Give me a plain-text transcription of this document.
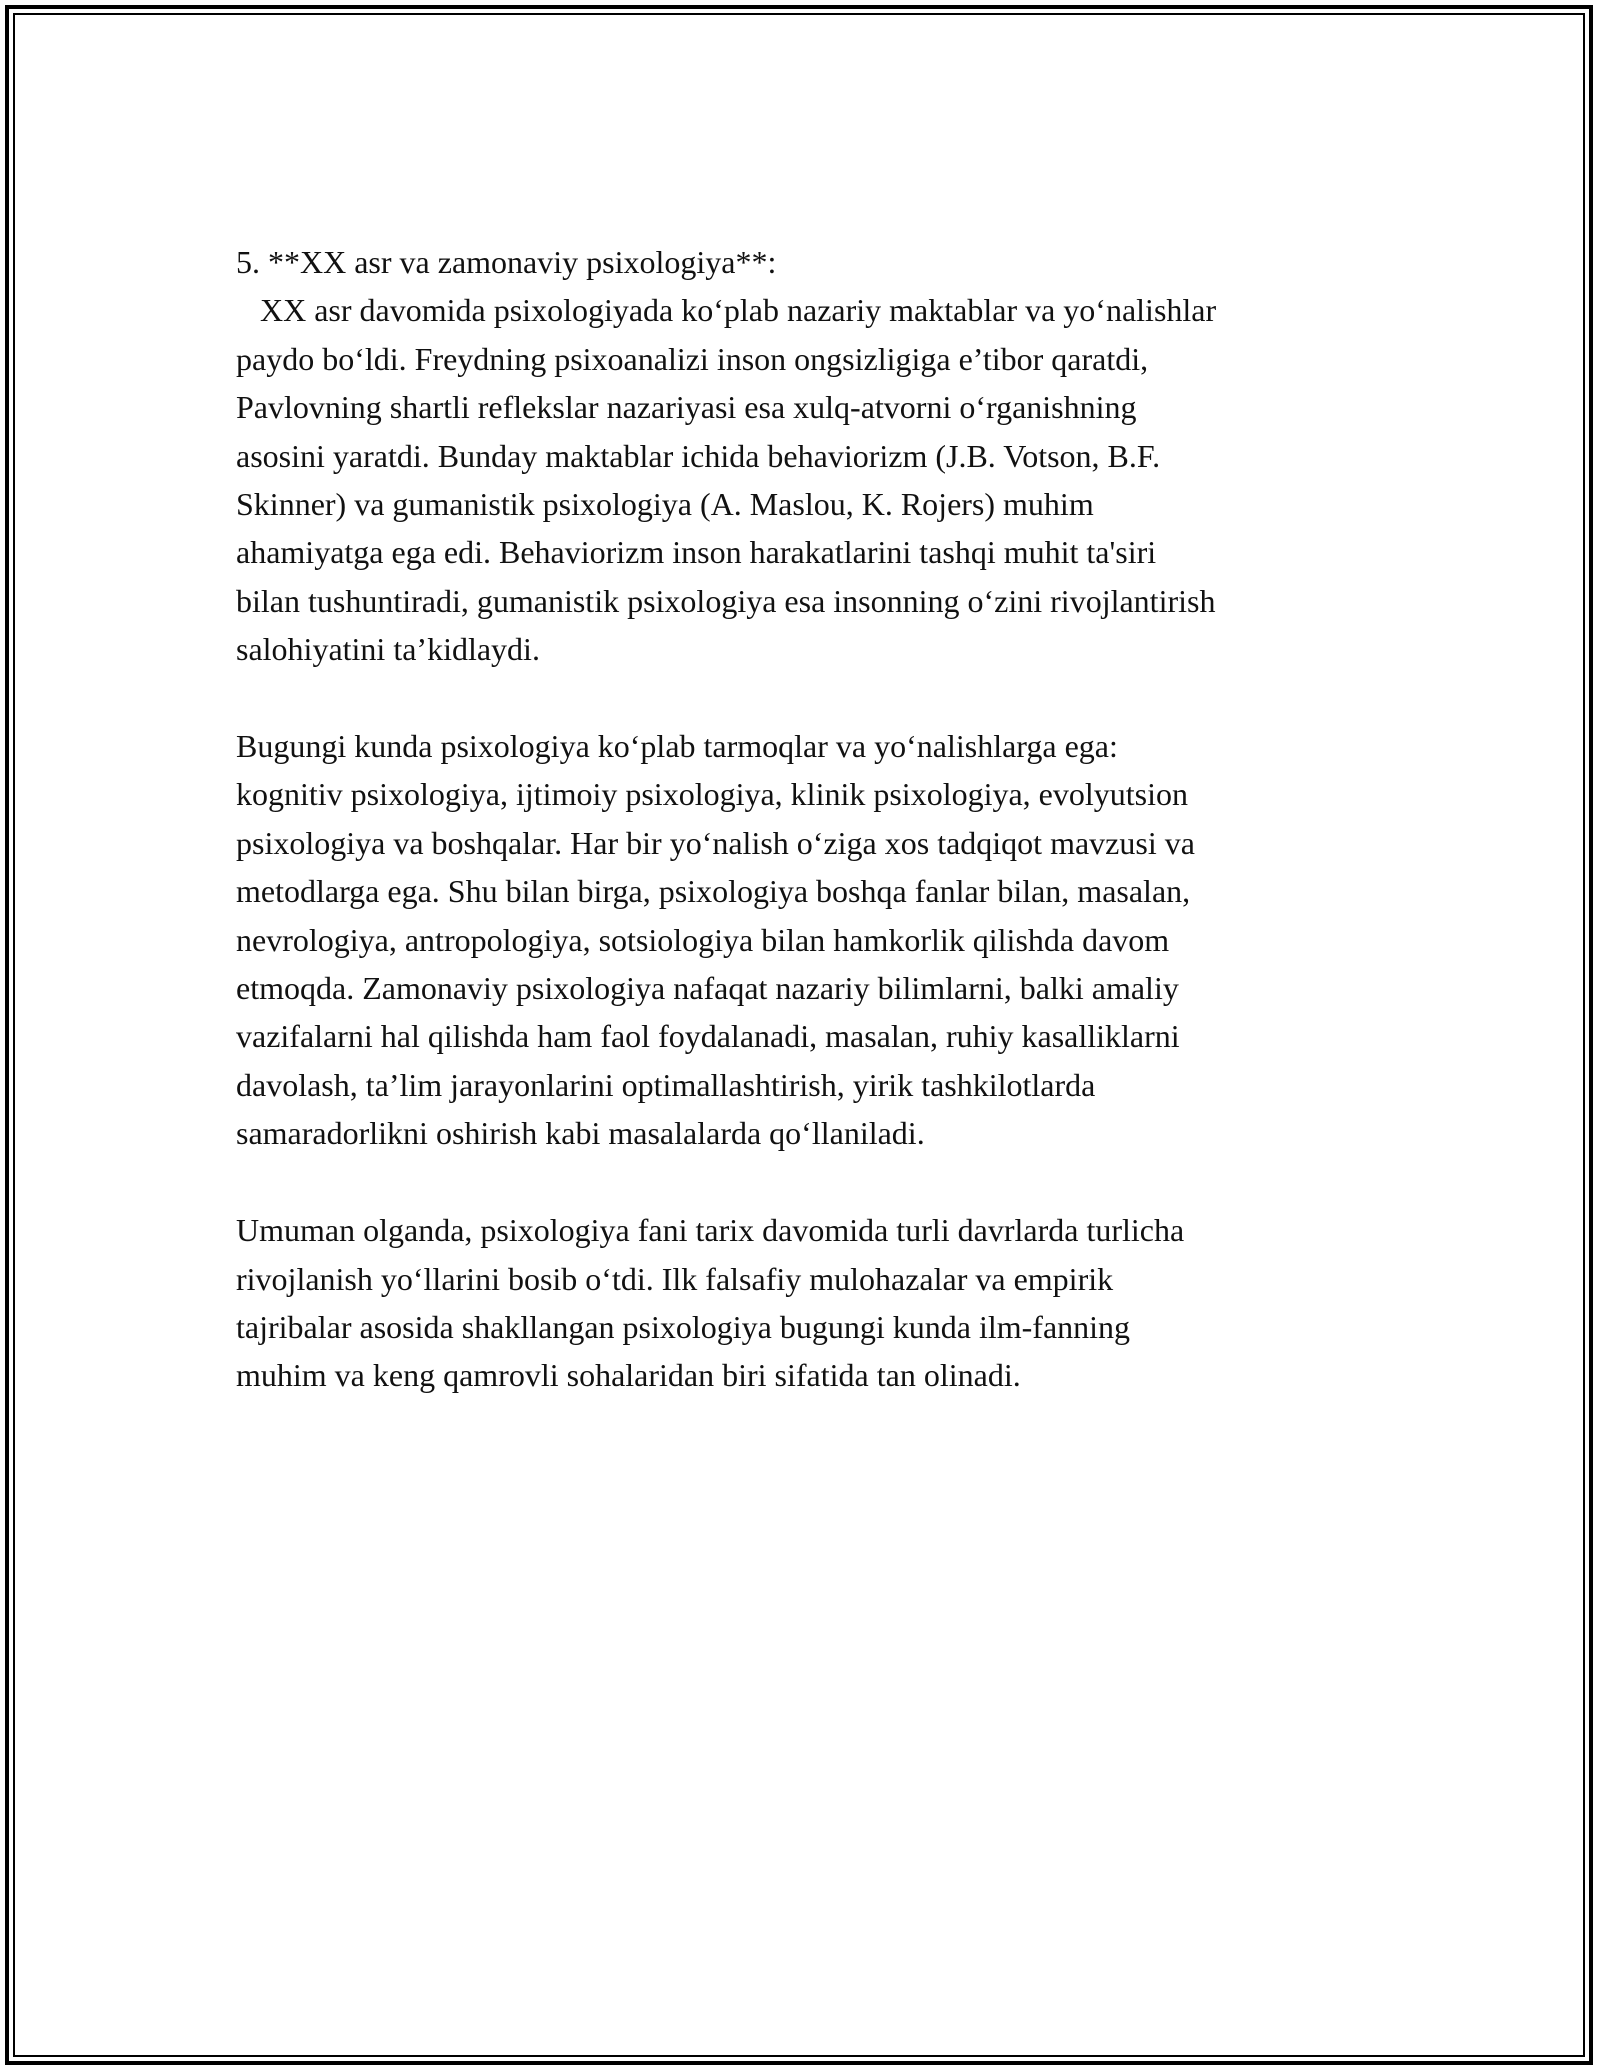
5. **XX asr va zamonaviy psixologiya**:
XX asr davomida psixologiyada ko‘plab nazariy maktablar va yo‘nalishlar
paydo bo‘ldi. Freydning psixoanalizi inson ongsizligiga e’tibor qaratdi,
Pavlovning shartli reflekslar nazariyasi esa xulq-atvorni o‘rganishning
asosini yaratdi. Bunday maktablar ichida behaviorizm (J.B. Votson, B.F.
Skinner) va gumanistik psixologiya (A. Maslou, K. Rojers) muhim
ahamiyatga ega edi. Behaviorizm inson harakatlarini tashqi muhit ta'siri
bilan tushuntiradi, gumanistik psixologiya esa insonning o‘zini rivojlantirish
salohiyatini ta’kidlaydi.
Bugungi kunda psixologiya ko‘plab tarmoqlar va yo‘nalishlarga ega:
kognitiv psixologiya, ijtimoiy psixologiya, klinik psixologiya, evolyutsion
psixologiya va boshqalar. Har bir yo‘nalish o‘ziga xos tadqiqot mavzusi va
metodlarga ega. Shu bilan birga, psixologiya boshqa fanlar bilan, masalan,
nevrologiya, antropologiya, sotsiologiya bilan hamkorlik qilishda davom
etmoqda. Zamonaviy psixologiya nafaqat nazariy bilimlarni, balki amaliy
vazifalarni hal qilishda ham faol foydalanadi, masalan, ruhiy kasalliklarni
davolash, ta’lim jarayonlarini optimallashtirish, yirik tashkilotlarda
samaradorlikni oshirish kabi masalalarda qo‘llaniladi.
Umuman olganda, psixologiya fani tarix davomida turli davrlarda turlicha
rivojlanish yo‘llarini bosib o‘tdi. Ilk falsafiy mulohazalar va empirik
tajribalar asosida shakllangan psixologiya bugungi kunda ilm-fanning
muhim va keng qamrovli sohalaridan biri sifatida tan olinadi.
